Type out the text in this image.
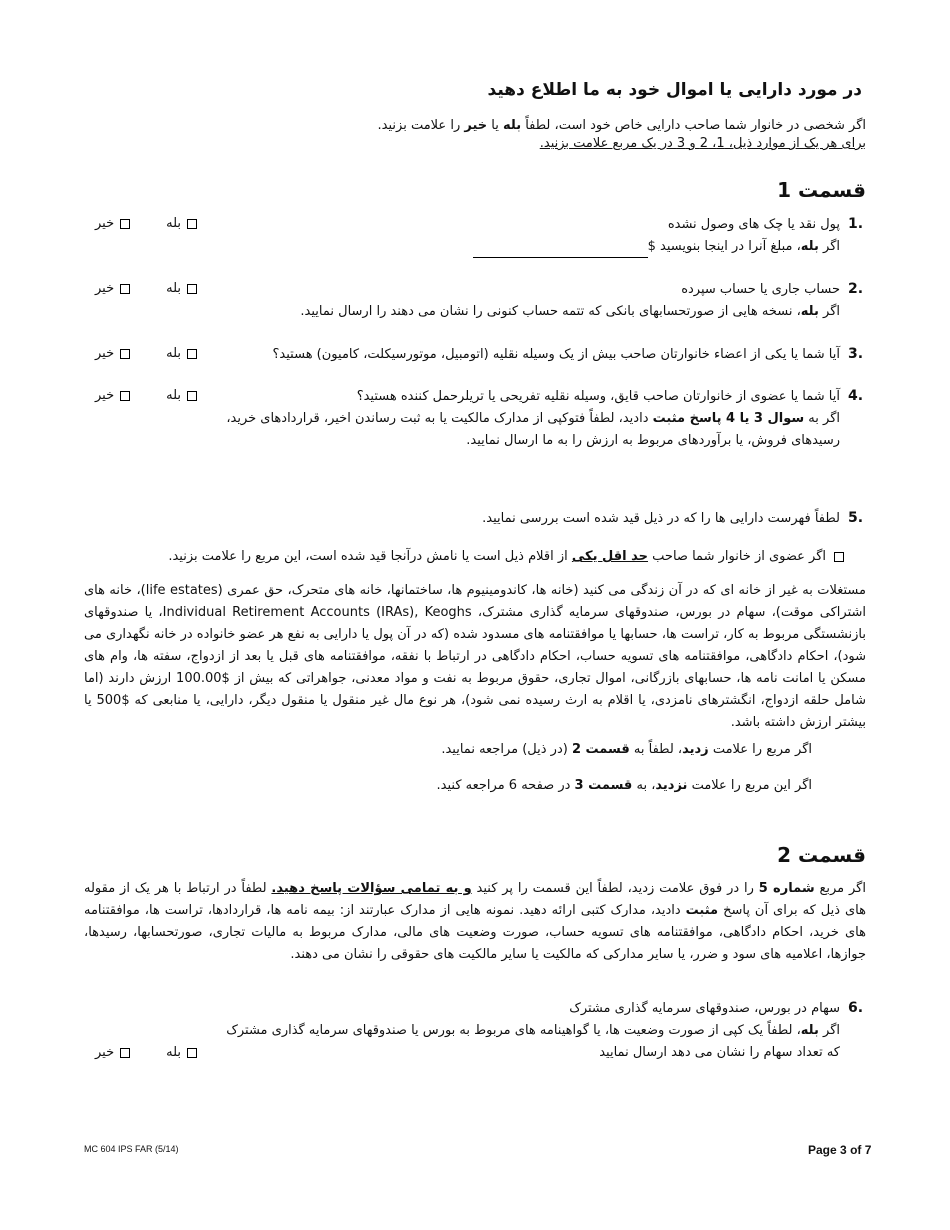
در مورد دارایی یا اموال خود به ما اطلاع دهید
اگر شخصی در خانوار شما صاحب دارایی خاص خود است، لطفاً بله یا خیر را علامت بزنید.
برای هر یک از موارد ذیل، 1، 2 و 3 در یک مربع علامت بزنید.
قسمت 1
1.
پول نقد یا چک های وصول نشده
اگر بله، مبلغ آنرا در اینجا بنویسید $
خیر	بله
2.
حساب جاری یا حساب سپرده
اگر بله، نسخه هایی از صورتحسابهای بانکی که تتمه حساب کنونی را نشان می دهند را ارسال نمایید.
خیر	بله
3.
آیا شما یا یکی از اعضاء خانوارتان صاحب بیش از یک وسیله نقلیه (اتومبیل، موتورسیکلت، کامیون) هستید؟
خیر	بله
4.
آیا شما یا عضوی از خانوارتان صاحب قایق، وسیله نقلیه تفریحی یا تریلرحمل کننده هستید؟
اگر به سوال 3 یا 4 پاسخ مثبت دادید، لطفاً فتوکپی از مدارک مالکیت یا به ثبت رساندن اخیر، قراردادهای خرید،
رسیدهای فروش، یا برآوردهای مربوط به ارزش را به ما ارسال نمایید.
خیر	بله
5.
لطفاً فهرست دارایی ها را که در ذیل قید شده است بررسی نمایید.
اگر عضوی از خانوار شما صاحب حد اقل یکی از اقلام ذیل است یا نامش درآنجا قید شده است، این مربع را علامت بزنید.
مستغلات به غیر از خانه ای که در آن زندگی می کنید (خانه ها، کاندومینیوم ها، ساختمانها، خانه های متحرک، حق عمری (life estates)، خانه های اشتراکی موقت)، سهام در بورس، صندوقهای سرمایه گذاری مشترک، Individual Retirement Accounts (IRAs), Keoghs، یا صندوقهای بازنشستگی مربوط به کار، تراست ها، حسابها یا موافقتنامه های مسدود شده (که در آن پول یا دارایی به نفع هر عضو خانواده در خانه نگهداری می شود)، احکام دادگاهی، موافقتنامه های تسویه حساب، احکام دادگاهی در ارتباط با نفقه، موافقتنامه های قبل یا بعد از ازدواج، سفته ها، وام های مسکن یا امانت نامه ها، حسابهای بازرگانی، اموال تجاری، حقوق مربوط به نفت و مواد معدنی، جواهراتی که بیش از $100.00 ارزش دارند (اما شامل حلقه ازدواج، انگشترهای نامزدی، یا اقلام به ارث رسیده نمی شود)، هر نوع مال غیر منقول یا منقول دیگر، دارایی، یا منابعی که $500 یا بیشتر ارزش داشته باشد.
اگر مربع را علامت زدید، لطفاً به قسمت 2 (در ذیل) مراجعه نمایید.
اگر این مربع را علامت نزدید، به قسمت 3 در صفحه 6 مراجعه کنید.
قسمت 2
اگر مربع شماره 5 را در فوق علامت زدید، لطفاً این قسمت را پر کنید و به تمامی سؤالات پاسخ دهید. لطفاً در ارتباط با هر یک از مقوله های ذیل که برای آن پاسخ مثبت دادید، مدارک کتبی ارائه دهید. نمونه هایی از مدارک عبارتند از: بیمه نامه ها، قراردادها، تراست ها، موافقتنامه های خرید، احکام دادگاهی، موافقتنامه های تسویه حساب، صورت وضعیت های مالی، مدارک مربوط به مالیات تجاری، صورتحسابها، رسیدها، جوازها، اعلامیه های سود و ضرر، یا سایر مدارکی که مالکیت یا سایر مالکیت های حقوقی را نشان می دهند.
6.
سهام در بورس، صندوقهای سرمایه گذاری مشترک
اگر بله، لطفاً یک کپی از صورت وضعیت ها، یا گواهینامه های مربوط به بورس یا صندوقهای سرمایه گذاری مشترک
که تعداد سهام را نشان می دهد ارسال نمایید
خیر	بله
MC 604 IPS FAR (5/14)	Page 3 of 7
